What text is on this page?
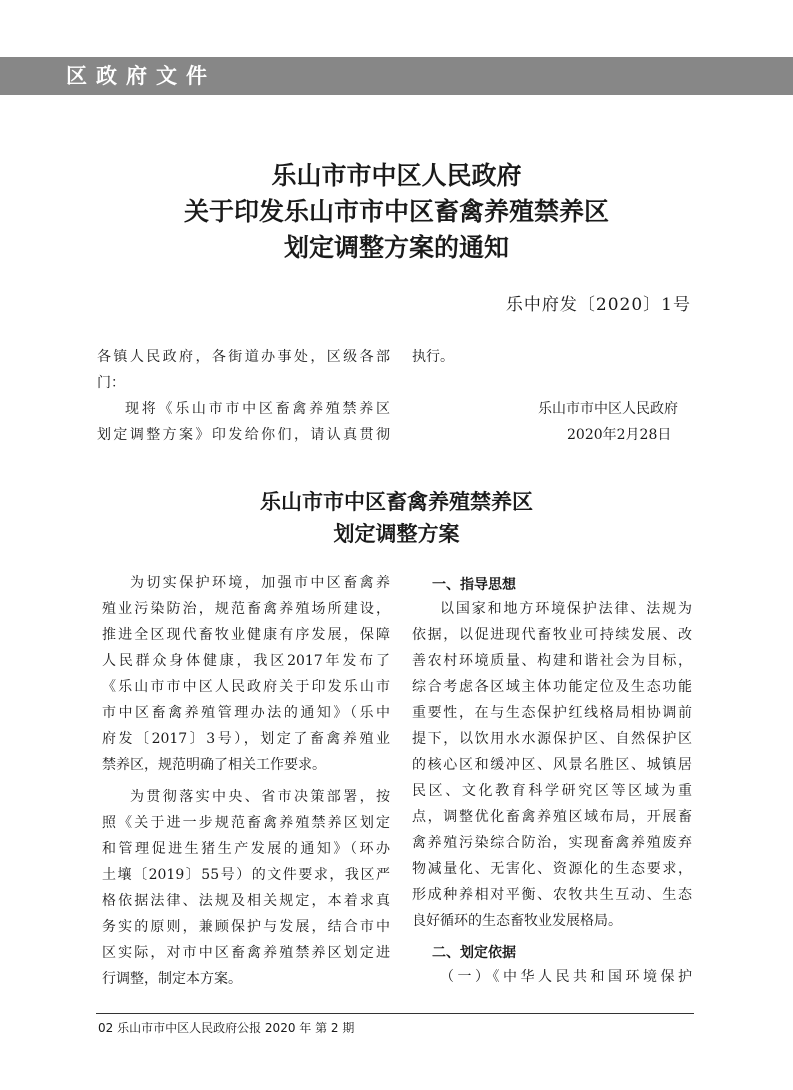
区政府文件
乐山市市中区人民政府
关于印发乐山市市中区畜禽养殖禁养区
划定调整方案的通知
乐中府发〔2020〕1号
各镇人民政府，各街道办事处，区级各部
门：
现将《乐山市市中区畜禽养殖禁养区
划定调整方案》印发给你们，请认真贯彻
执行。
乐山市市中区人民政府
2020年2月28日
乐山市市中区畜禽养殖禁养区
划定调整方案
为切实保护环境，加强市中区畜禽养
殖业污染防治，规范畜禽养殖场所建设，
推进全区现代畜牧业健康有序发展，保障
人民群众身体健康，我区2017年发布了
《乐山市市中区人民政府关于印发乐山市
市中区畜禽养殖管理办法的通知》（乐中
府发〔2017〕3号），划定了畜禽养殖业
禁养区，规范明确了相关工作要求。
为贯彻落实中央、省市决策部署，按
照《关于进一步规范畜禽养殖禁养区划定
和管理促进生猪生产发展的通知》（环办
土壤〔2019〕55号）的文件要求，我区严
格依据法律、法规及相关规定，本着求真
务实的原则，兼顾保护与发展，结合市中
区实际，对市中区畜禽养殖禁养区划定进
行调整，制定本方案。
一、指导思想
以国家和地方环境保护法律、法规为
依据，以促进现代畜牧业可持续发展、改
善农村环境质量、构建和谐社会为目标，
综合考虑各区域主体功能定位及生态功能
重要性，在与生态保护红线格局相协调前
提下，以饮用水水源保护区、自然保护区
的核心区和缓冲区、风景名胜区、城镇居
民区、文化教育科学研究区等区域为重
点，调整优化畜禽养殖区域布局，开展畜
禽养殖污染综合防治，实现畜禽养殖废弃
物减量化、无害化、资源化的生态要求，
形成种养相对平衡、农牧共生互动、生态
良好循环的生态畜牧业发展格局。
二、划定依据
（一）《中华人民共和国环境保护
02 乐山市市中区人民政府公报 2020 年 第 2 期
